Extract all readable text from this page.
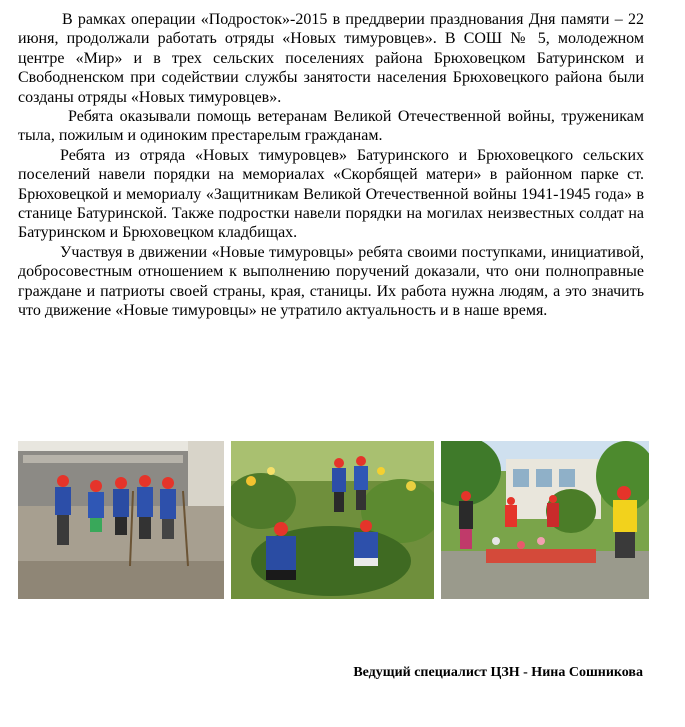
В рамках операции «Подросток»-2015 в преддверии празднования Дня памяти – 22 июня, продолжали работать отряды «Новых тимуровцев». В СОШ № 5, молодежном центре «Мир» и в трех сельских поселениях района Брюховецком Батуринском и Свободненском при содействии службы занятости населения Брюховецкого района были созданы отряды «Новых тимуровцев».

Ребята оказывали помощь ветеранам Великой Отечественной войны, труженикам тыла, пожилым и одиноким престарелым гражданам.

Ребята из отряда «Новых тимуровцев» Батуринского и Брюховецкого сельских поселений навели порядки на мемориалах «Скорбящей матери» в районном парке ст. Брюховецкой и мемориалу «Защитникам Великой Отечественной войны 1941-1945 года» в станице Батуринской. Также подростки навели порядки на могилах неизвестных солдат на Батуринском и Брюховецком кладбищах.

Участвуя в движении «Новые тимуровцы» ребята своими поступками, инициативой, добросовестным отношением к выполнению поручений доказали, что они полноправные граждане и патриоты своей страны, края, станицы. Их работа нужна людям, а это значить что движение «Новые тимуровцы» не утратило актуальность и в наше время.

Ведущий специалист ЦЗН - Нина Сошникова
